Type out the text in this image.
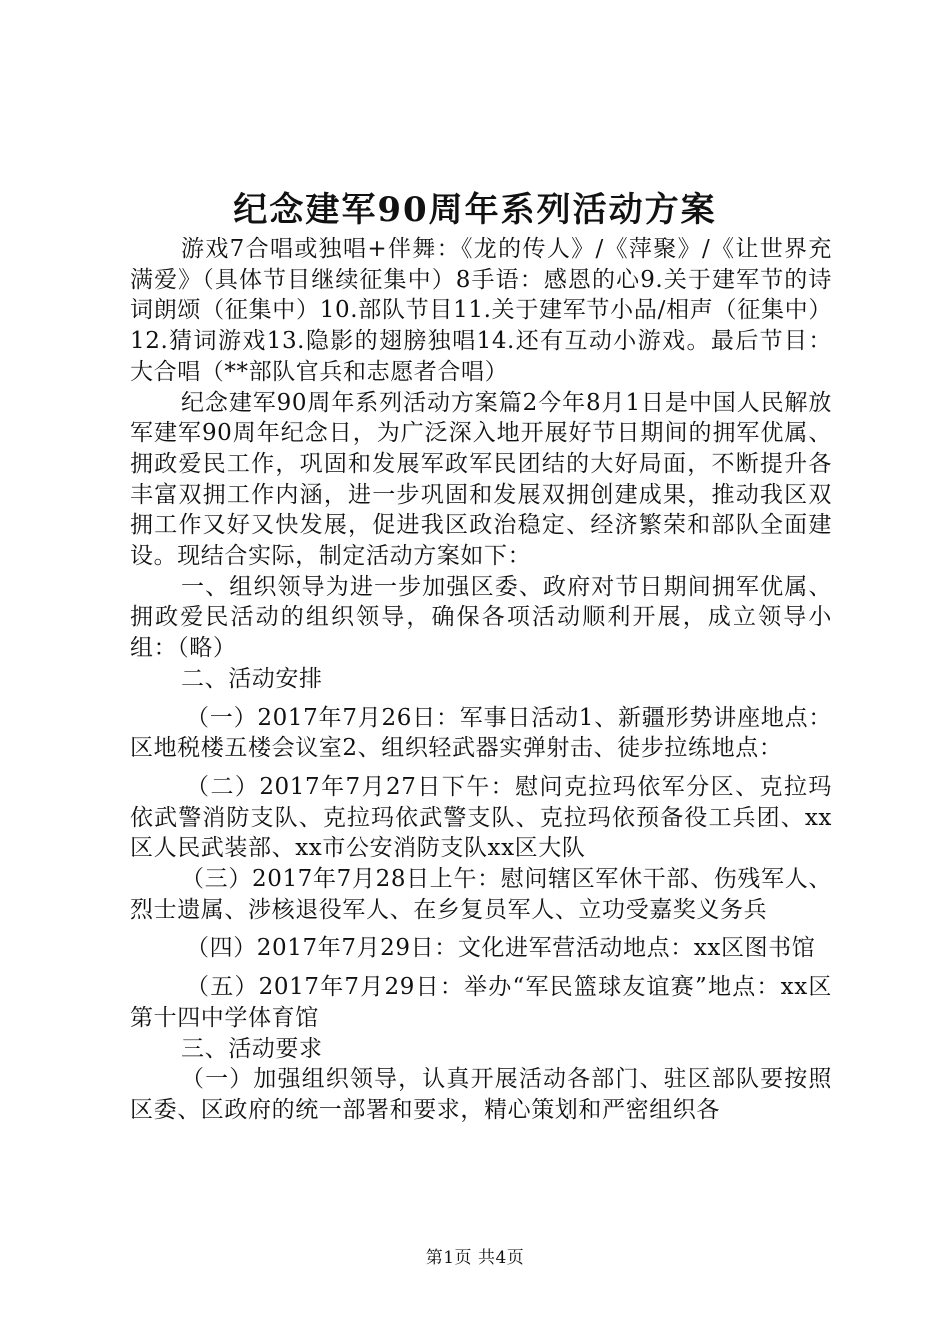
纪念建军90周年系列活动方案

游戏7合唱或独唱+伴舞：《龙的传人》/《萍聚》/《让世界充满爱》（具体节目继续征集中）8手语：感恩的心9.关于建军节的诗词朗颂（征集中）10.部队节目11.关于建军节小品/相声（征集中）12.猜词游戏13.隐影的翅膀独唱14.还有互动小游戏。最后节目：大合唱（**部队官兵和志愿者合唱）

纪念建军90周年系列活动方案篇2今年8月1日是中国人民解放军建军90周年纪念日，为广泛深入地开展好节日期间的拥军优属、拥政爱民工作，巩固和发展军政军民团结的大好局面，不断提升各丰富双拥工作内涵，进一步巩固和发展双拥创建成果，推动我区双拥工作又好又快发展，促进我区政治稳定、经济繁荣和部队全面建设。现结合实际，制定活动方案如下：

一、组织领导为进一步加强区委、政府对节日期间拥军优属、拥政爱民活动的组织领导，确保各项活动顺利开展，成立领导小组：（略）

二、活动安排

（一）2017年7月26日：军事日活动1、新疆形势讲座地点：区地税楼五楼会议室2、组织轻武器实弹射击、徒步拉练地点：

（二）2017年7月27日下午：慰问克拉玛依军分区、克拉玛依武警消防支队、克拉玛依武警支队、克拉玛依预备役工兵团、xx区人民武装部、xx市公安消防支队xx区大队

（三）2017年7月28日上午：慰问辖区军休干部、伤残军人、烈士遗属、涉核退役军人、在乡复员军人、立功受嘉奖义务兵

（四）2017年7月29日：文化进军营活动地点：xx区图书馆

（五）2017年7月29日：举办“军民篮球友谊赛”地点：xx区第十四中学体育馆

三、活动要求

（一）加强组织领导，认真开展活动各部门、驻区部队要按照区委、区政府的统一部署和要求，精心策划和严密组织各

第1页 共4页
